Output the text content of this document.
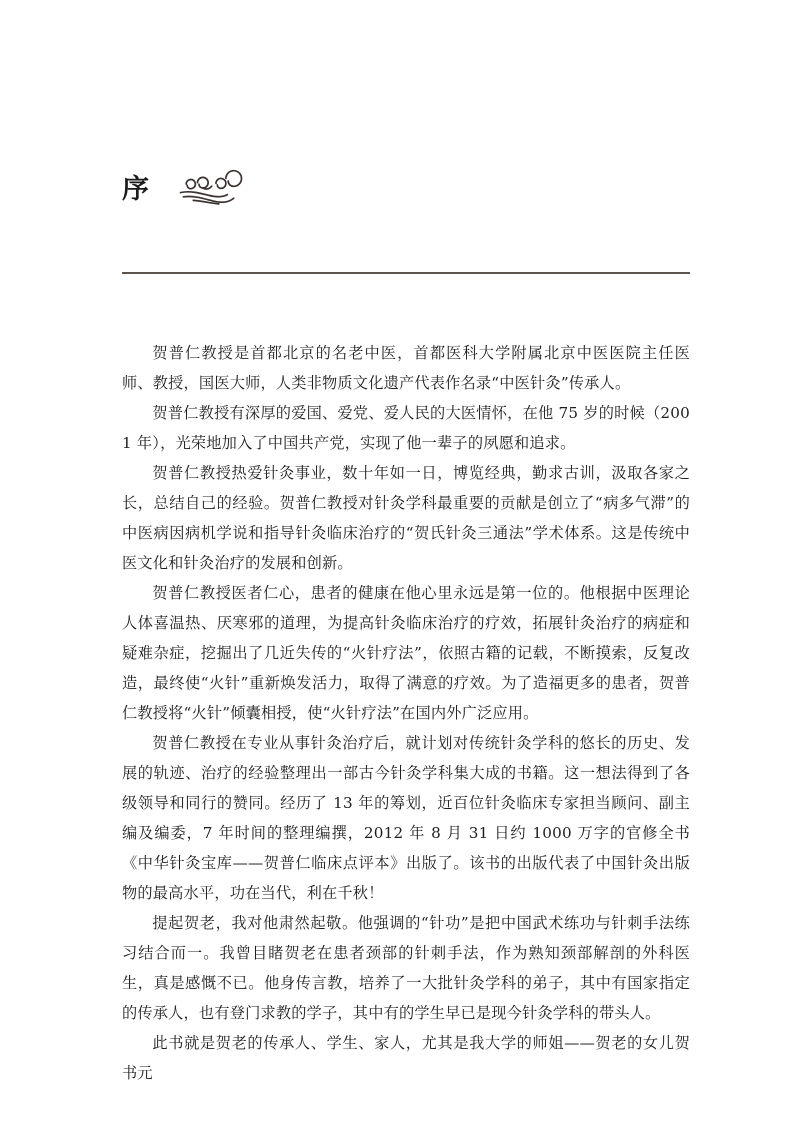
序

贺普仁教授是首都北京的名老中医，首都医科大学附属北京中医医院主任医师、教授，国医大师，人类非物质文化遗产代表作名录“中医针灸”传承人。

贺普仁教授有深厚的爱国、爱党、爱人民的大医情怀，在他 75 岁的时候（2001 年），光荣地加入了中国共产党，实现了他一辈子的夙愿和追求。

贺普仁教授热爱针灸事业，数十年如一日，博览经典，勤求古训，汲取各家之长，总结自己的经验。贺普仁教授对针灸学科最重要的贡献是创立了“病多气滞”的中医病因病机学说和指导针灸临床治疗的“贺氏针灸三通法”学术体系。这是传统中医文化和针灸治疗的发展和创新。

贺普仁教授医者仁心，患者的健康在他心里永远是第一位的。他根据中医理论人体喜温热、厌寒邪的道理，为提高针灸临床治疗的疗效，拓展针灸治疗的病症和疑难杂症，挖掘出了几近失传的“火针疗法”，依照古籍的记载，不断摸索，反复改造，最终使“火针”重新焕发活力，取得了满意的疗效。为了造福更多的患者，贺普仁教授将“火针”倾囊相授，使“火针疗法”在国内外广泛应用。

贺普仁教授在专业从事针灸治疗后，就计划对传统针灸学科的悠长的历史、发展的轨迹、治疗的经验整理出一部古今针灸学科集大成的书籍。这一想法得到了各级领导和同行的赞同。经历了 13 年的筹划，近百位针灸临床专家担当顾问、副主编及编委，7 年时间的整理编撰，2012 年 8 月 31 日约 1000 万字的官修全书《中华针灸宝库——贺普仁临床点评本》出版了。该书的出版代表了中国针灸出版物的最高水平，功在当代，利在千秋！

提起贺老，我对他肃然起敬。他强调的“针功”是把中国武术练功与针刺手法练习结合而一。我曾目睹贺老在患者颈部的针刺手法，作为熟知颈部解剖的外科医生，真是感慨不已。他身传言教，培养了一大批针灸学科的弟子，其中有国家指定的传承人，也有登门求教的学子，其中有的学生早已是现今针灸学科的带头人。

此书就是贺老的传承人、学生、家人，尤其是我大学的师姐——贺老的女儿贺书元
